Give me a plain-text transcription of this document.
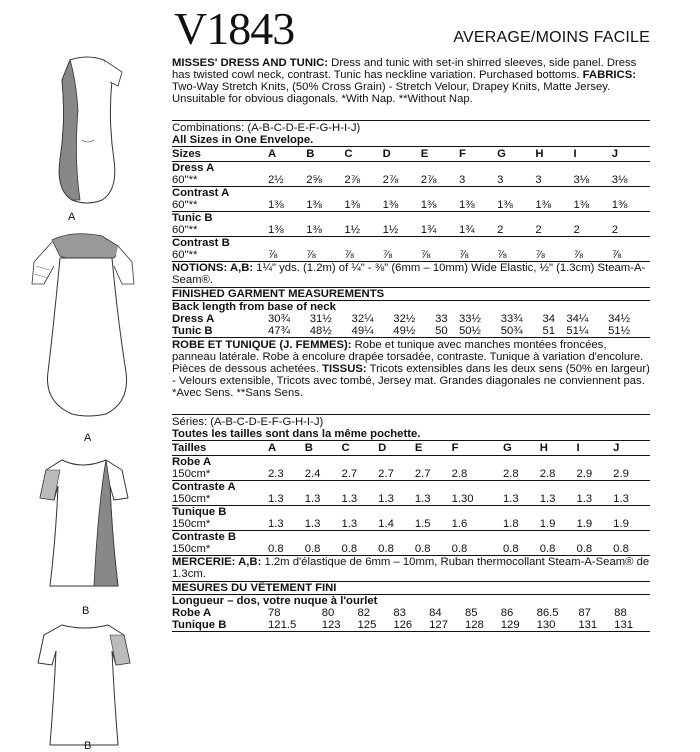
V1843	AVERAGE/MOINS FACILE
A
A
B
B
MISSES' DRESS AND TUNIC: Dress and tunic with set-in shirred sleeves, side panel. Dress has twisted cowl neck, contrast. Tunic has neckline variation. Purchased bottoms. FABRICS: Two-Way Stretch Knits, (50% Cross Grain) - Stretch Velour, Drapey Knits, Matte Jersey. Unsuitable for obvious diagonals. *With Nap. **Without Nap.
Combinations: (A-B-C-D-E-F-G-H-I-J)
All Sizes in One Envelope.
Sizes	A	B	C	D	E	F	G	H	I	J
Dress A										
60"**	2½	2⅝	2⅞	2⅞	2⅞	3	3	3	3⅛	3⅛
Contrast A										
60"**	1⅜	1⅜	1⅜	1⅜	1⅜	1⅜	1⅜	1⅜	1⅜	1⅜
Tunic B										
60"**	1⅜	1⅜	1½	1½	1¾	1¾	2	2	2	2
Contrast B										
60"**	⅞	⅞	⅞	⅞	⅞	⅞	⅞	⅞	⅞	⅞
NOTIONS: A,B: 1¼" yds. (1.2m) of ¼" - ⅜" (6mm – 10mm) Wide Elastic, ½" (1.3cm) Steam-A-Seam®.
FINISHED GARMENT MEASUREMENTS
Back length from base of neck
Dress A	30¾	31½	32¼	32½	33	33½	33¾	34	34¼	34½
Tunic B	47¾	48½	49¼	49½	50	50½	50¾	51	51¼	51½
ROBE ET TUNIQUE (J. FEMMES): Robe et tunique avec manches montées froncées, panneau latérale. Robe à encolure drapée torsadée, contraste. Tunique à variation d'encolure. Pièces de dessous achetées. TISSUS: Tricots extensibles dans les deux sens (50% en largeur) - Velours extensible, Tricots avec tombé, Jersey mat. Grandes diagonales ne conviennent pas. *Avec Sens. **Sans Sens.
Séries: (A-B-C-D-E-F-G-H-I-J)
Toutes les tailles sont dans la même pochette.
Tailles	A	B	C	D	E	F	G	H	I	J
Robe A										
150cm*	2.3	2.4	2.7	2.7	2.7	2.8	2.8	2.8	2.9	2.9
Contraste A										
150cm*	1.3	1.3	1.3	1.3	1.3	1.30	1.3	1.3	1.3	1.3
Tunique B										
150cm*	1.3	1.3	1.3	1.4	1.5	1.6	1.8	1.9	1.9	1.9
Contraste B										
150cm*	0.8	0.8	0.8	0.8	0.8	0.8	0.8	0.8	0.8	0.8
MERCERIE: A,B: 1.2m d'élastique de 6mm – 10mm, Ruban thermocollant Steam-A-Seam® de 1.3cm.
MESURES DU VÊTEMENT FINI
Longueur – dos, votre nuque à l'ourlet
Robe A	78	80	82	83	84	85	86	86.5	87	88
Tunique B	121.5	123	125	126	127	128	129	130	131	131
